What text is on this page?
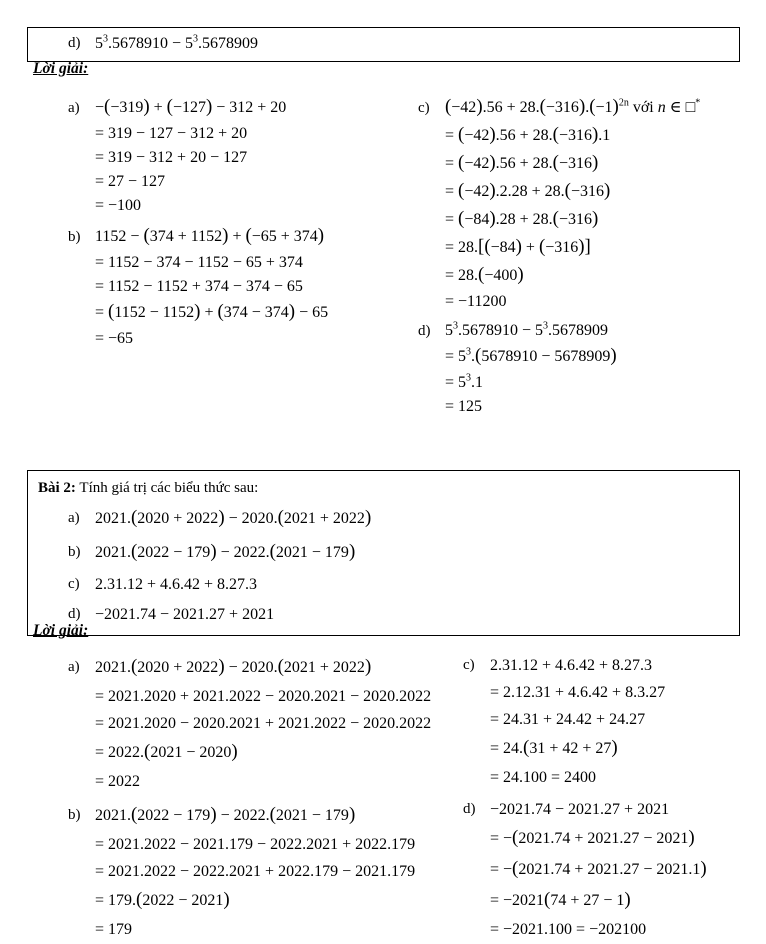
d) $5^3.5678910 - 5^3.5678909$
Lời giải:
a) −(−319) + (−127) − 312 + 20
= 319 − 127 − 312 + 20
= 319 − 312 + 20 − 127
= 27 − 127
= −100
b) 1152 − (374 + 1152) + (−65 + 374)
= 1152 − 374 − 1152 − 65 + 374
= 1152 − 1152 + 374 − 374 − 65
= (1152 − 1152) + (374 − 374) − 65
= −65
c) $(-42).56 + 28.(-316).(-1)^{2n}$ với n ∈ □*
= (−42).56 + 28.(−316).1
= (−42).56 + 28.(−316)
= (−42).2.28 + 28.(−316)
= (−84).28 + 28.(−316)
= 28.[(−84) + (−316)]
= 28.(−400)
= −11200
d) $5^3.5678910 - 5^3.5678909$
= $5^3.(5678910 - 5678909)$
= $5^3.1$
= 125
Bài 2: Tính giá trị các biểu thức sau:
a) 2021.(2020 + 2022) − 2020.(2021 + 2022)
b) 2021.(2022 − 179) − 2022.(2021 − 179)
c) 2.31.12 + 4.6.42 + 8.27.3
d) −2021.74 − 2021.27 + 2021
Lời giải:
a) 2021.(2020 + 2022) − 2020.(2021 + 2022)
= 2021.2020 + 2021.2022 − 2020.2021 − 2020.2022
= 2021.2020 − 2020.2021 + 2021.2022 − 2020.2022
= 2022.(2021 − 2020)
= 2022
b) 2021.(2022 − 179) − 2022.(2021 − 179)
= 2021.2022 − 2021.179 − 2022.2021 + 2022.179
= 2021.2022 − 2022.2021 + 2022.179 − 2021.179
= 179.(2022 − 2021)
= 179
c) 2.31.12 + 4.6.42 + 8.27.3
= 2.12.31 + 4.6.42 + 8.3.27
= 24.31 + 24.42 + 24.27
= 24.(31 + 42 + 27)
= 24.100 = 2400
d) −2021.74 − 2021.27 + 2021
= −(2021.74 + 2021.27 − 2021)
= −(2021.74 + 2021.27 − 2021.1)
= −2021(74 + 27 − 1)
= −2021.100 = −202100
